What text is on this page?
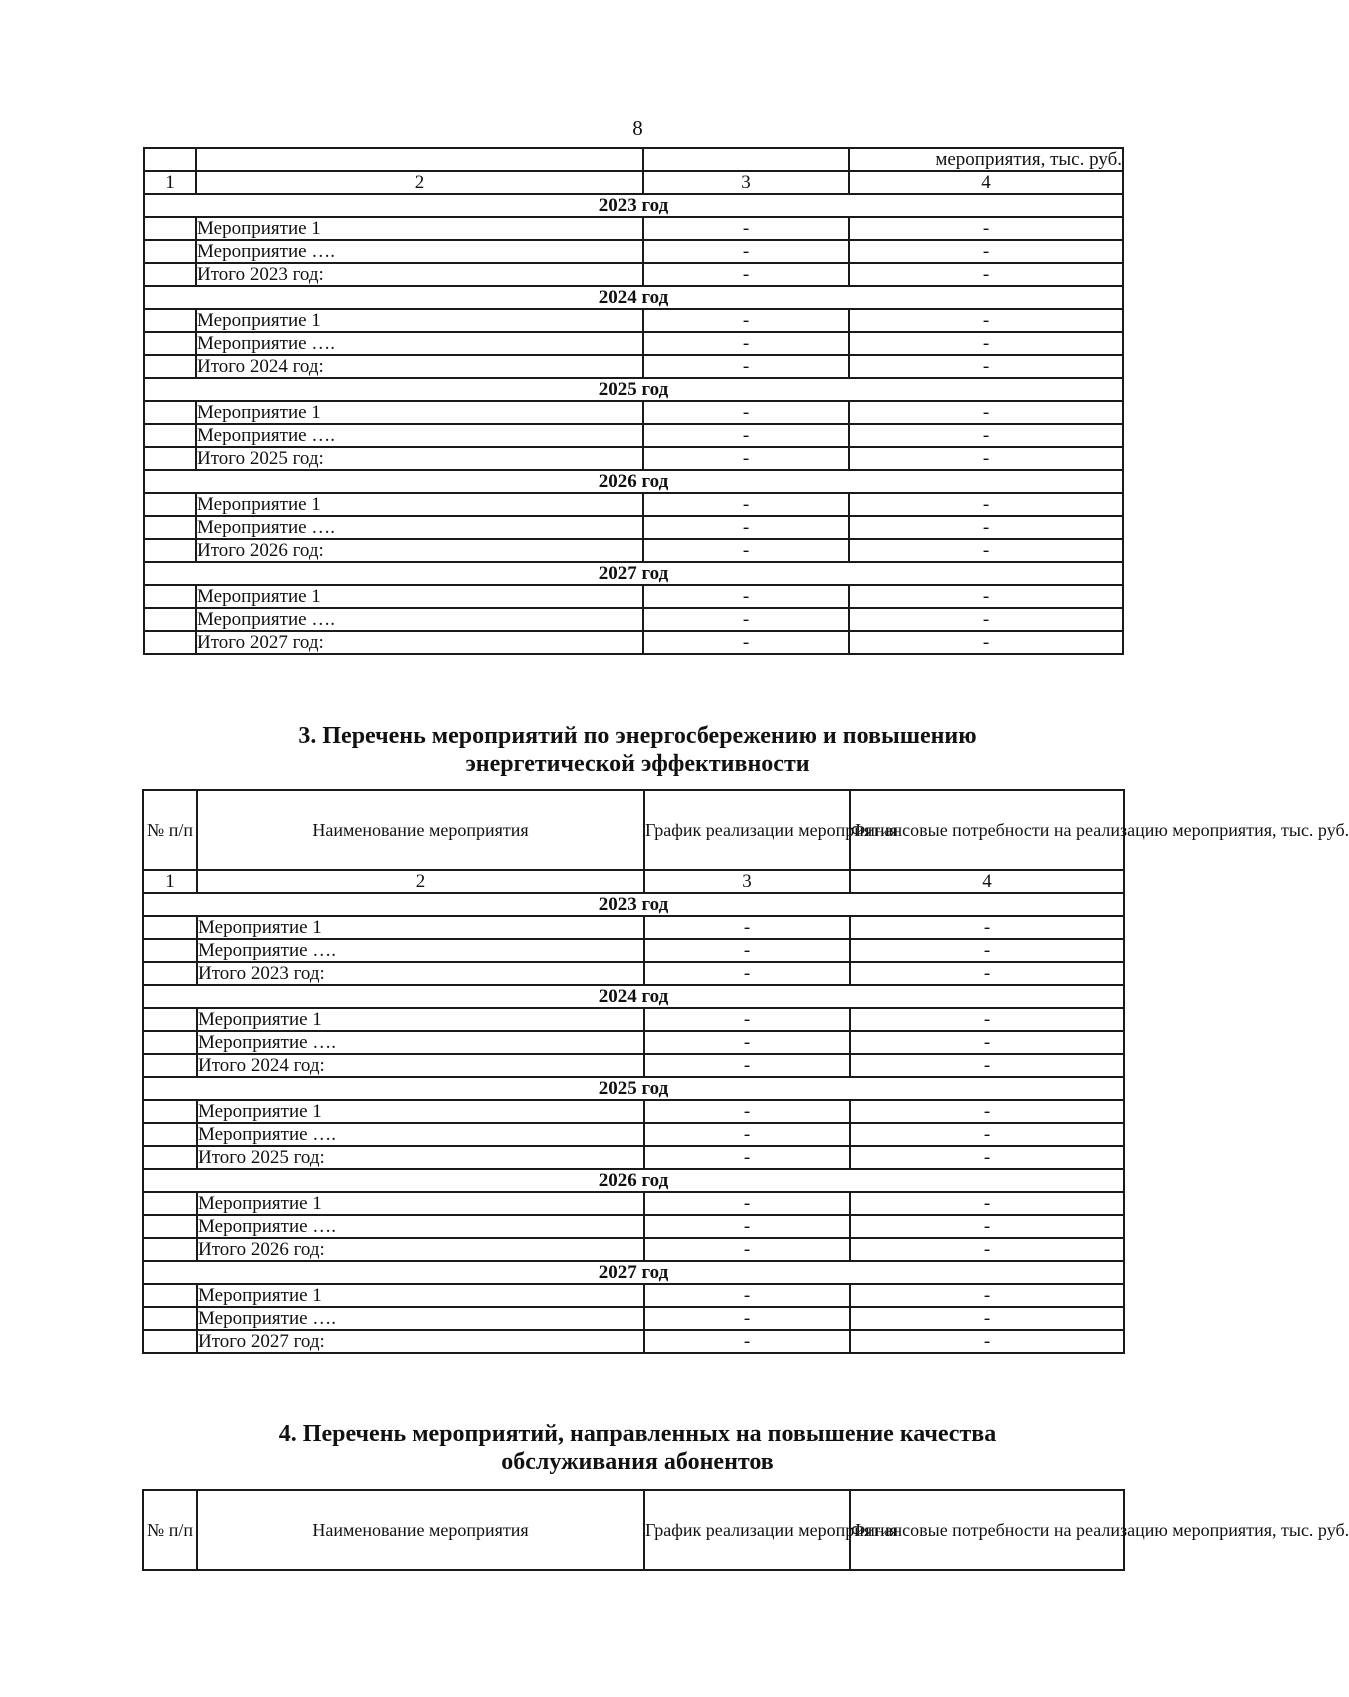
8
			мероприятия, тыс. руб.
1	2	3	4
2023 год			
	Мероприятие 1	-	-
	Мероприятие ….	-	-
	Итого 2023 год:	-	-
2024 год			
	Мероприятие 1	-	-
	Мероприятие ….	-	-
	Итого 2024 год:	-	-
2025 год			
	Мероприятие 1	-	-
	Мероприятие ….	-	-
	Итого 2025 год:	-	-
2026 год			
	Мероприятие 1	-	-
	Мероприятие ….	-	-
	Итого 2026 год:	-	-
2027 год			
	Мероприятие 1	-	-
	Мероприятие ….	-	-
	Итого 2027 год:	-	-
3. Перечень мероприятий по энергосбережению и повышению
энергетической эффективности
№ п/п	Наименование мероприятия	График реализации мероприятия	Финансовые потребности на реализацию мероприятия, тыс. руб.
1	2	3	4
2023 год			
	Мероприятие 1	-	-
	Мероприятие ….	-	-
	Итого 2023 год:	-	-
2024 год			
	Мероприятие 1	-	-
	Мероприятие ….	-	-
	Итого 2024 год:	-	-
2025 год			
	Мероприятие 1	-	-
	Мероприятие ….	-	-
	Итого 2025 год:	-	-
2026 год			
	Мероприятие 1	-	-
	Мероприятие ….	-	-
	Итого 2026 год:	-	-
2027 год			
	Мероприятие 1	-	-
	Мероприятие ….	-	-
	Итого 2027 год:	-	-
4. Перечень мероприятий, направленных на повышение качества
обслуживания абонентов
№ п/п	Наименование мероприятия	График реализации мероприятия	Финансовые потребности на реализацию мероприятия, тыс. руб.
